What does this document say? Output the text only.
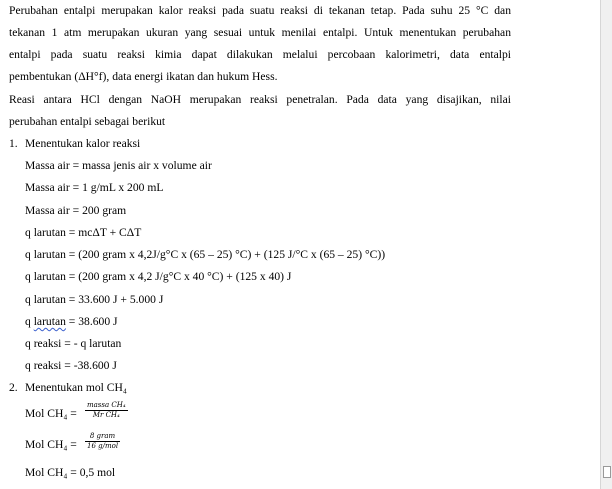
Perubahan entalpi merupakan kalor reaksi pada suatu reaksi di tekanan tetap. Pada suhu 25 °C dan
tekanan 1 atm merupakan ukuran yang sesuai untuk menilai entalpi. Untuk menentukan perubahan
entalpi pada suatu reaksi kimia dapat dilakukan melalui percobaan kalorimetri, data entalpi
pembentukan (ΔH°f), data energi ikatan dan hukum Hess.
Reasi antara HCl dengan NaOH merupakan reaksi penetralan. Pada data yang disajikan, nilai
perubahan entalpi sebagai berikut
1. Menentukan kalor reaksi
Massa air = massa jenis air x volume air
Massa air = 1 g/mL x 200 mL
Massa air = 200 gram
q larutan = mcΔT + CΔT
q larutan = (200 gram x 4,2J/g°C x (65 – 25) °C) + (125 J/°C x (65 – 25) °C))
q larutan = (200 gram x 4,2 J/g°C x 40 °C) + (125 x 40) J
q larutan = 33.600 J + 5.000 J
q larutan = 38.600 J
q reaksi = - q larutan
q reaksi = -38.600 J
2. Menentukan mol CH₄
Mol CH₄ =
massa CH₄
Mr CH₄
Mol CH₄ =
8 gram
16 g/mol
Mol CH₄ = 0,5 mol
